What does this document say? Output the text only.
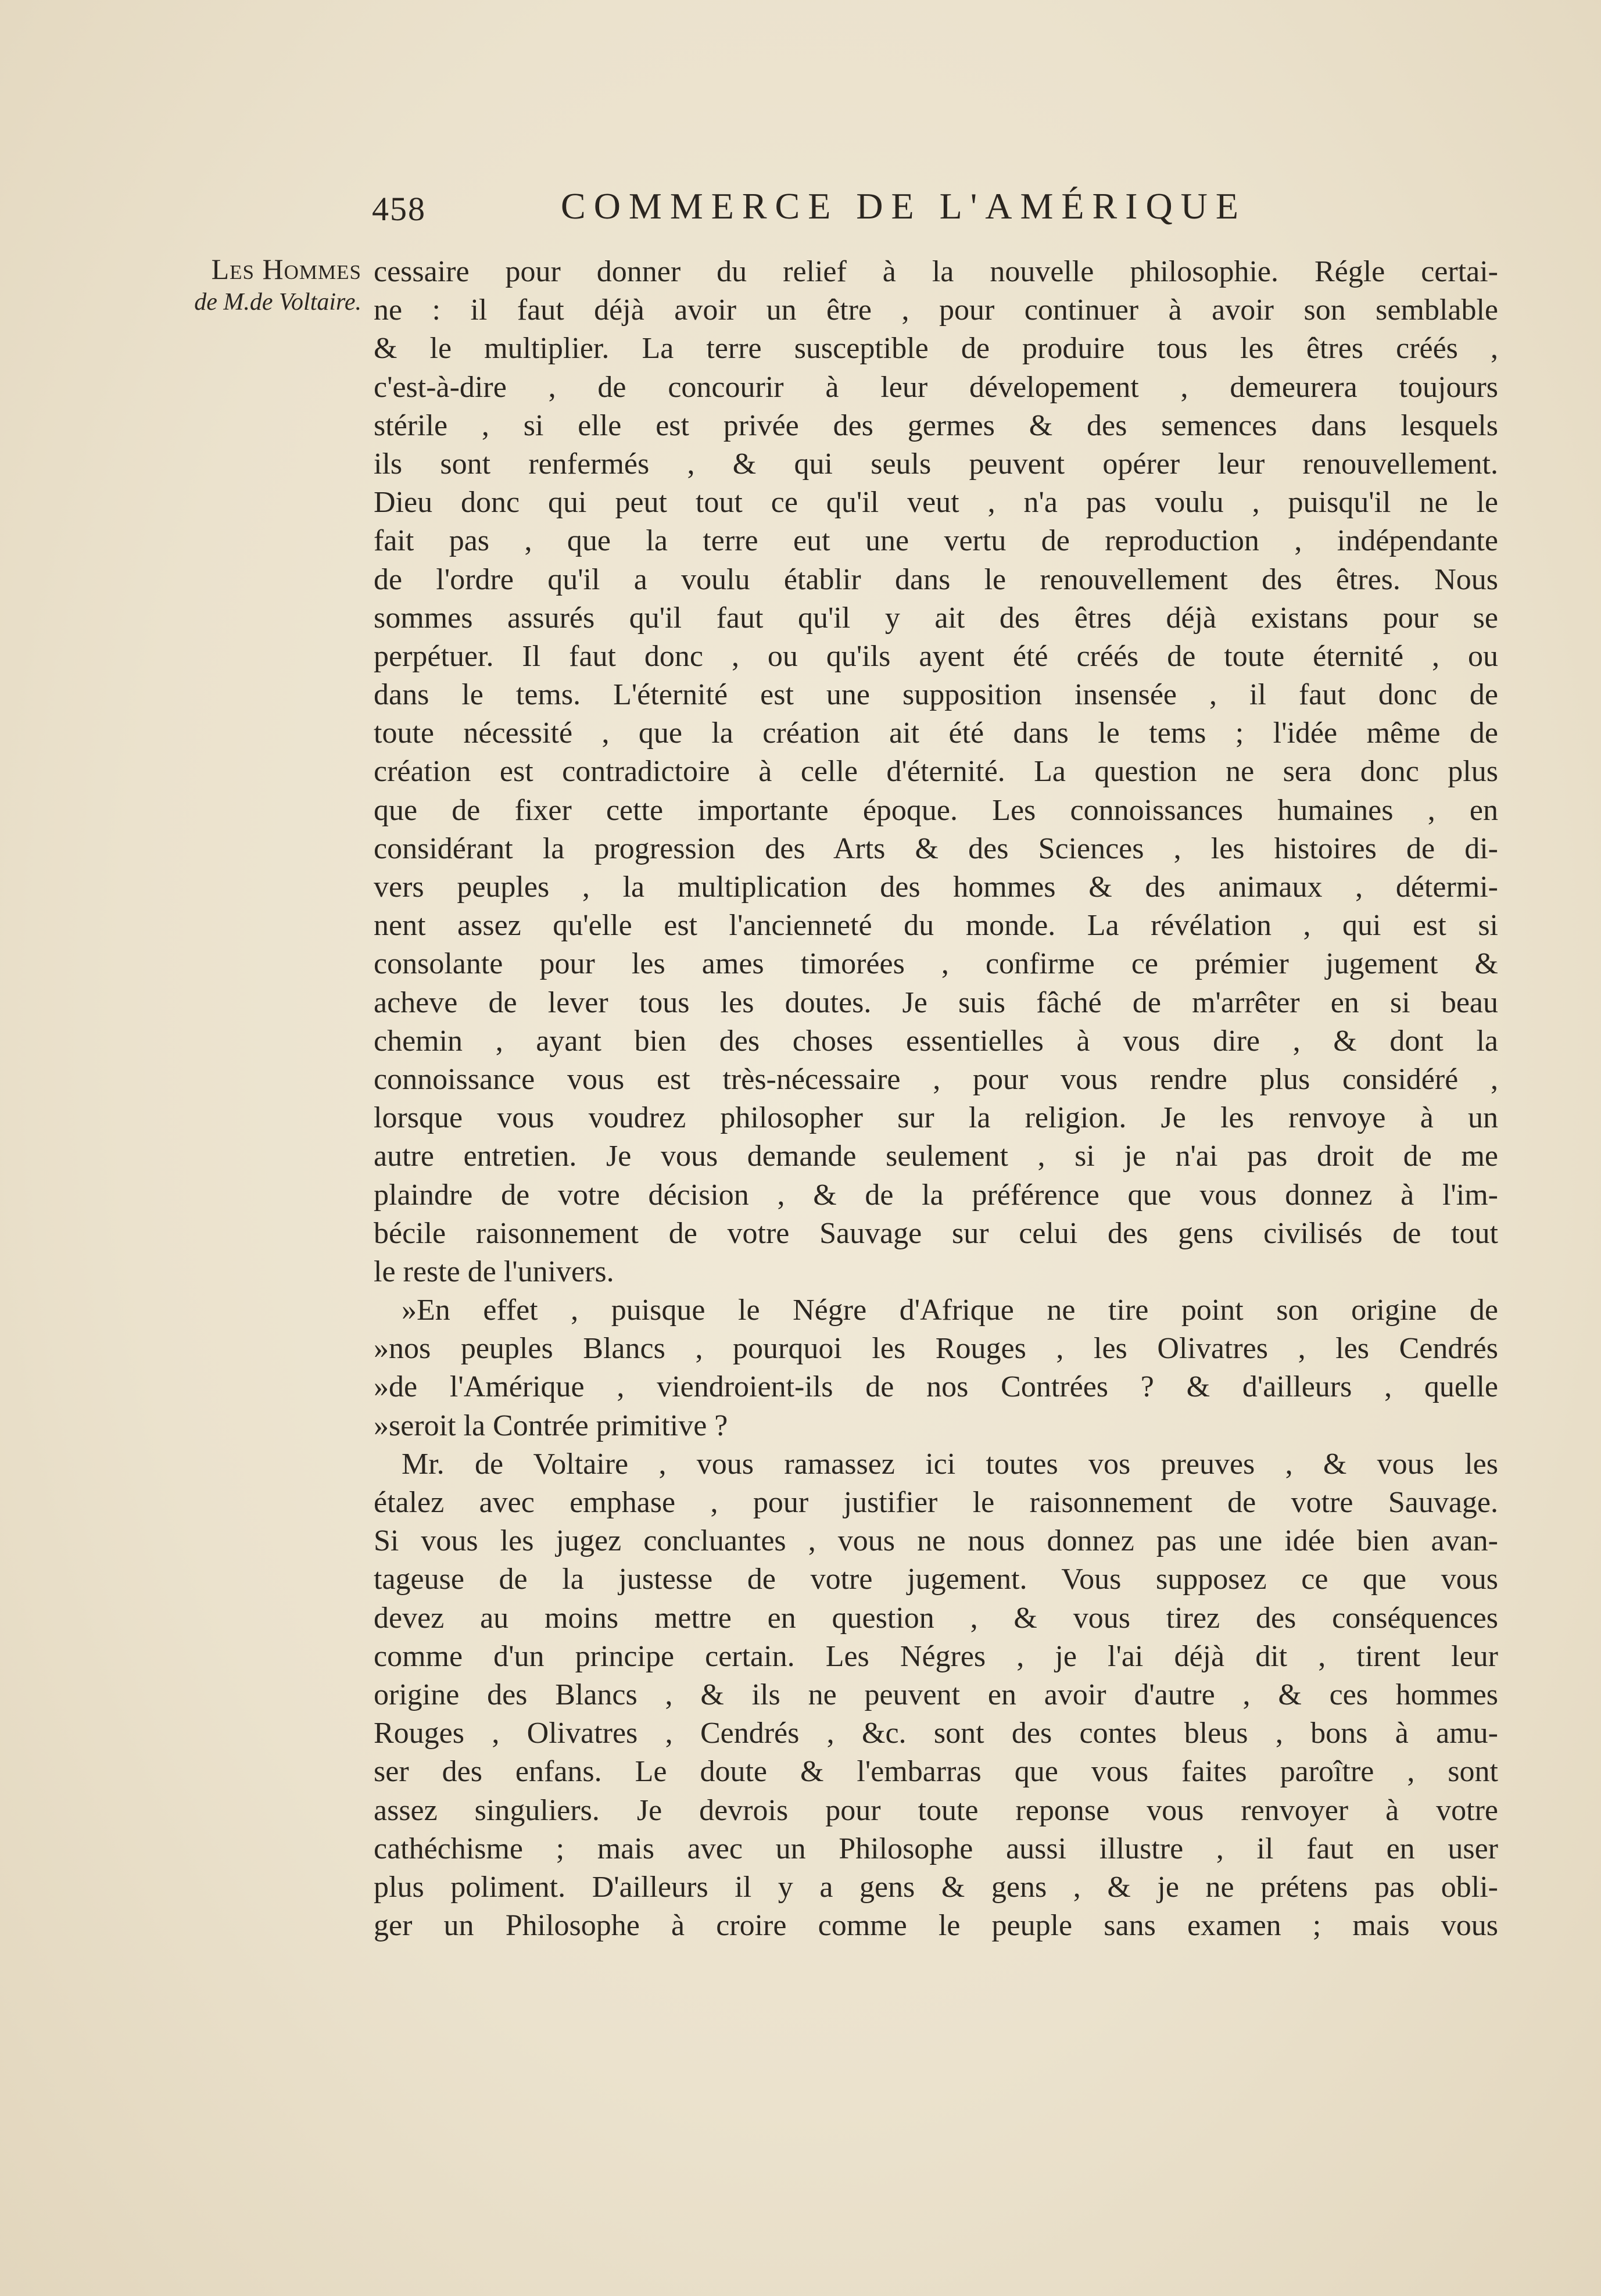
458	COMMERCE DE L'AMÉRIQUE
Les Hommes
de M.de Voltaire.
cessaire pour donner du relief à la nouvelle philosophie. Régle certai-
ne : il faut déjà avoir un être , pour continuer à avoir son semblable
& le multiplier. La terre susceptible de produire tous les êtres créés ,
c'est-à-dire , de concourir à leur dévelopement , demeurera toujours
stérile , si elle est privée des germes & des semences dans lesquels
ils sont renfermés , & qui seuls peuvent opérer leur renouvellement.
Dieu donc qui peut tout ce qu'il veut , n'a pas voulu , puisqu'il ne le
fait pas , que la terre eut une vertu de reproduction , indépendante
de l'ordre qu'il a voulu établir dans le renouvellement des êtres. Nous
sommes assurés qu'il faut qu'il y ait des êtres déjà existans pour se
perpétuer. Il faut donc , ou qu'ils ayent été créés de toute éternité , ou
dans le tems. L'éternité est une supposition insensée , il faut donc de
toute nécessité , que la création ait été dans le tems ; l'idée même de
création est contradictoire à celle d'éternité. La question ne sera donc plus
que de fixer cette importante époque. Les connoissances humaines , en
considérant la progression des Arts & des Sciences , les histoires de di-
vers peuples , la multiplication des hommes & des animaux , détermi-
nent assez qu'elle est l'ancienneté du monde. La révélation , qui est si
consolante pour les ames timorées , confirme ce prémier jugement &
acheve de lever tous les doutes. Je suis fâché de m'arrêter en si beau
chemin , ayant bien des choses essentielles à vous dire , & dont la
connoissance vous est très-nécessaire , pour vous rendre plus considéré ,
lorsque vous voudrez philosopher sur la religion. Je les renvoye à un
autre entretien. Je vous demande seulement , si je n'ai pas droit de me
plaindre de votre décision , & de la préférence que vous donnez à l'im-
bécile raisonnement de votre Sauvage sur celui des gens civilisés de tout
le reste de l'univers.
»En effet , puisque le Négre d'Afrique ne tire point son origine de
»nos peuples Blancs , pourquoi les Rouges , les Olivatres , les Cendrés
»de l'Amérique , viendroient-ils de nos Contrées ? & d'ailleurs , quelle
»seroit la Contrée primitive ?
Mr. de Voltaire , vous ramassez ici toutes vos preuves , & vous les
étalez avec emphase , pour justifier le raisonnement de votre Sauvage.
Si vous les jugez concluantes , vous ne nous donnez pas une idée bien avan-
tageuse de la justesse de votre jugement. Vous supposez ce que vous
devez au moins mettre en question , & vous tirez des conséquences
comme d'un principe certain. Les Négres , je l'ai déjà dit , tirent leur
origine des Blancs , & ils ne peuvent en avoir d'autre , & ces hommes
Rouges , Olivatres , Cendrés , &c. sont des contes bleus , bons à amu-
ser des enfans. Le doute & l'embarras que vous faites paroître , sont
assez singuliers. Je devrois pour toute reponse vous renvoyer à votre
cathéchisme ; mais avec un Philosophe aussi illustre , il faut en user
plus poliment. D'ailleurs il y a gens & gens , & je ne prétens pas obli-
ger un Philosophe à croire comme le peuple sans examen ; mais vous
